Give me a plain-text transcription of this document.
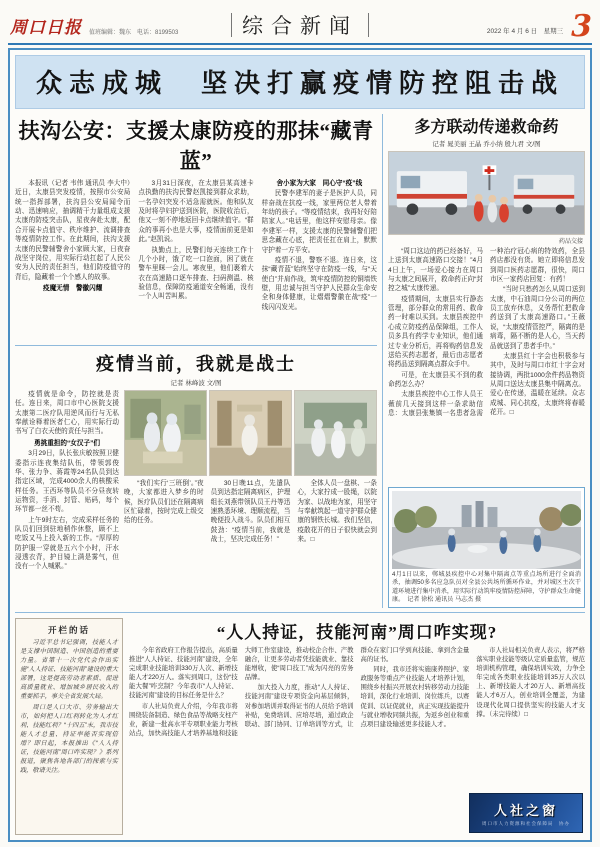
周口日报 值班编辑：魏东　电话：8199503	综合新闻	2022 年 4 月 6 日　星期三 3
众志成城　坚决打赢疫情防控阻击战
扶沟公安：支援太康防疫的那抹“藏青蓝”

本报讯（记者 韦伟 通讯员 李大中）近日，太康县突发疫情，按照市公安局统一指挥部署，扶沟县公安局闻令而动、迅速响应，抽调精干力量组成支援太康的防疫突击队，星夜奔赴太康，配合开展卡点值守、秩序维护、流调排查等疫情防控工作。在此期间，扶沟支援太康的民警辅警舍小家顾大家，日夜奋战坚守岗位，用实际行动扛起了人民公安为人民的责任担当，他们防疫值守的背后，隐藏着一个个感人的故事。

疫魔无情　警徽闪耀

3月31日深夜，在太康县某高速卡点执勤的扶沟民警赵凯接到群众求助，一名孕妇突发不适急需就医。他和队友及时将孕妇护送到医院，医院收治后，他又一刻不停地返回卡点继续值守。“群众的事再小也是大事，疫情面前更是如此。”赵凯说。

执勤点上，民警们每天连续工作十几个小时，饿了吃一口泡面，困了就在警车里眯一会儿。寒夜里，他们裹着大衣在高速路口逐车排查、扫码测温、核验信息，保障防疫通道安全畅通，没有一个人叫苦叫累。

舍小家为大家　同心守“疫”线

民警李建军的妻子是医护人员，同样奋战在抗疫一线，家里两位老人带着年幼的孩子。“等疫情结束，我再好好陪陪家人。”电话里，他这样安慰母亲。像李建军一样，支援太康的民警辅警们把思念藏在心底，把责任扛在肩上，默默守护着一方平安。

疫情不退，警察不退。连日来，这抹“藏青蓝”始终坚守在防疫一线，与“天使白”并肩作战，筑牢疫情防控的铜墙铁壁，用忠诚与担当守护人民群众生命安全和身体健康，让熠熠警徽在战“疫”一线闪闪发光。

疫情当前，我就是战士
记者 林峰波 文/图

疫情就是命令，防控就是责任。连日来，周口市中心医院支援太康第二医疗队用逆风而行与无私奉献诠释着医者仁心，用实际行动书写了白衣天使的责任与担当。

勇挑重担的“女汉子”们

3月29日，队长张庆敏按照卫健委指示连夜集结队伍，带领郭俊华、张力争、蒋霞等24名队员到达指定区域，完成4000余人的核酸采样任务。王西环等队员不分昼夜转运物资，手消、封管、贴码，每个环节都一丝不苟。

上午9时左右，完成采样任务的队员们回到驻地稍作休整，顾不上吃饭又马上投入新的工作。“厚厚的防护服一穿就是五六个小时，汗水浸透衣背，护目镜上满是雾气，但没有一个人喊累。”

“我们实行‘三班倒’。”夜晚，大家都进入梦乡的时候，医疗队员们还在隔离病区忙碌着，按时完成上级交给的任务。

30日晚11点，先遣队员到达指定隔离病区，护理组长刘燕带领队员王丹等迅速熟悉环境、理顺流程，当晚便投入战斗。队员们相互鼓劲：“疫情当前，我就是战士，坚决完成任务！”

全体人员一盘棋、一条心，大家拧成一股绳，以院为家、以战地为家，用坚守与奉献筑起一道守护群众健康的钢铁长城。我们坚信，疫散花开的日子很快就会到来。□

多方联动传递救命药
记者 晁美丽 王晶 乔小纳 殷九君 文/图
药品交接

“周口这边的药已经备好，马上送到太康高速路口交接！”4月4日上午，一场爱心接力在周口与太康之间展开，救命药正向“封控之城”太康传递。

疫情期间，太康县实行静态管理，部分群众的常用药、救命药一时难以买到。太康县疾控中心成立防疫药品保障组，工作人员多具有药学专业知识，他们通过专业分析后，再将购药信息发送给买药志愿者，最后由志愿者将药品送到隔离点群众手中。

可是，在太康县买不到的救命药怎么办？

太康县疾控中心工作人员王薇前几天接到这样一条求助信息：太康县张集镇一名患者急需一种治疗冠心病的特效药，全县药店都没有货。她立即将信息发到周口医药志愿群，很快，周口市区一家药店回复：有药！

“当时只愁药怎么从周口送到太康，中石油周口分公司的两位员工放弃休息，义务帮忙把救命药送到了太康高速路口。”王薇说，“太康疫情管控严，隔离的是病毒，隔不断的是人心，当天药品就送到了患者手中。”

太康县红十字会也积极参与其中，及时与周口市红十字会对接协调，两批1000余件药品物资从周口送达太康县集中隔离点。爱心在传递，温暖在延续。众志成城、同心抗疫，太康终将春暖花开。□

4月1日以来，郸城县疾控中心对集中隔离点等重点场所进行全面消杀，抽调50多名应急队员对全县公共场所循环作业，并对城区主次干道环境进行集中消杀，用实际行动筑牢疫情防控屏障，守护群众生命健康。　记者 徐松 通讯员 马志杰 摄
开栏的话

习近平总书记强调，技能人才是支撑中国制造、中国创造的重要力量。省第十一次党代会作出实施“人人持证、技能河南”建设的重大部署，这是提高劳动者素质、促进高质量就业、增加城乡居民收入的重要抓手，事关全省发展大局。

周口是人口大市、劳务输出大市，如何把人口红利转化为人才红利、技能红利？“十四五”末，我市技能人才总量、持证率能否实现倍增？即日起，本报推出《“人人持证，技能河南”周口咋实现？》系列报道，聚焦各地各部门的探索与实践，敬请关注。

“人人持证，技能河南”周口咋实现?

今年省政府工作报告提出，高质量推进“人人持证、技能河南”建设，全年完成职业技能培训330万人次、新增技能人才220万人。落实到周口，这份“技能大餐”咋烹制？今年我市“人人持证、技能河南”建设的目标任务是什么？

市人社局负责人介绍，今年我市将围绕装备制造、绿色食品等战略支柱产业，新建一批高水平专项职业能力考核站点，加快高技能人才培养基地和技能大师工作室建设，推动校企合作、产教融合，让更多劳动者凭技能就业、靠技能增收，使“周口技工”成为闪亮的劳务品牌。

加大投入力度，推动“人人持证、技能河南”建设专项资金向基层倾斜，对参加培训并取得证书的人员给予培训补贴，免费培训、应培尽培，通过政企联动、部门协同、订单培训等方式，让群众在家门口学到真技能、拿到含金量高的证书。

同时，我市还将实施康养照护、家政服务等重点产业技能人才培养计划，围绕乡村振兴开展农村转移劳动力技能培训，深化行业培训、岗位练兵，以赛促训、以证促就业，真正实现技能提升与就业增收同频共振，为返乡创业和重点项目建设输送更多技能人才。

市人社局相关负责人表示，将严格落实职业技能等级认定质量监管，规范培训机构管理，确保培训实效，力争全年完成各类职业技能培训35万人次以上、新增技能人才20万人、新增高技能人才6万人，创业培训全覆盖，为建设现代化周口提供坚实的技能人才支撑。（未完待续）□

人社之窗
周口市人力资源和社会保障局　协办
